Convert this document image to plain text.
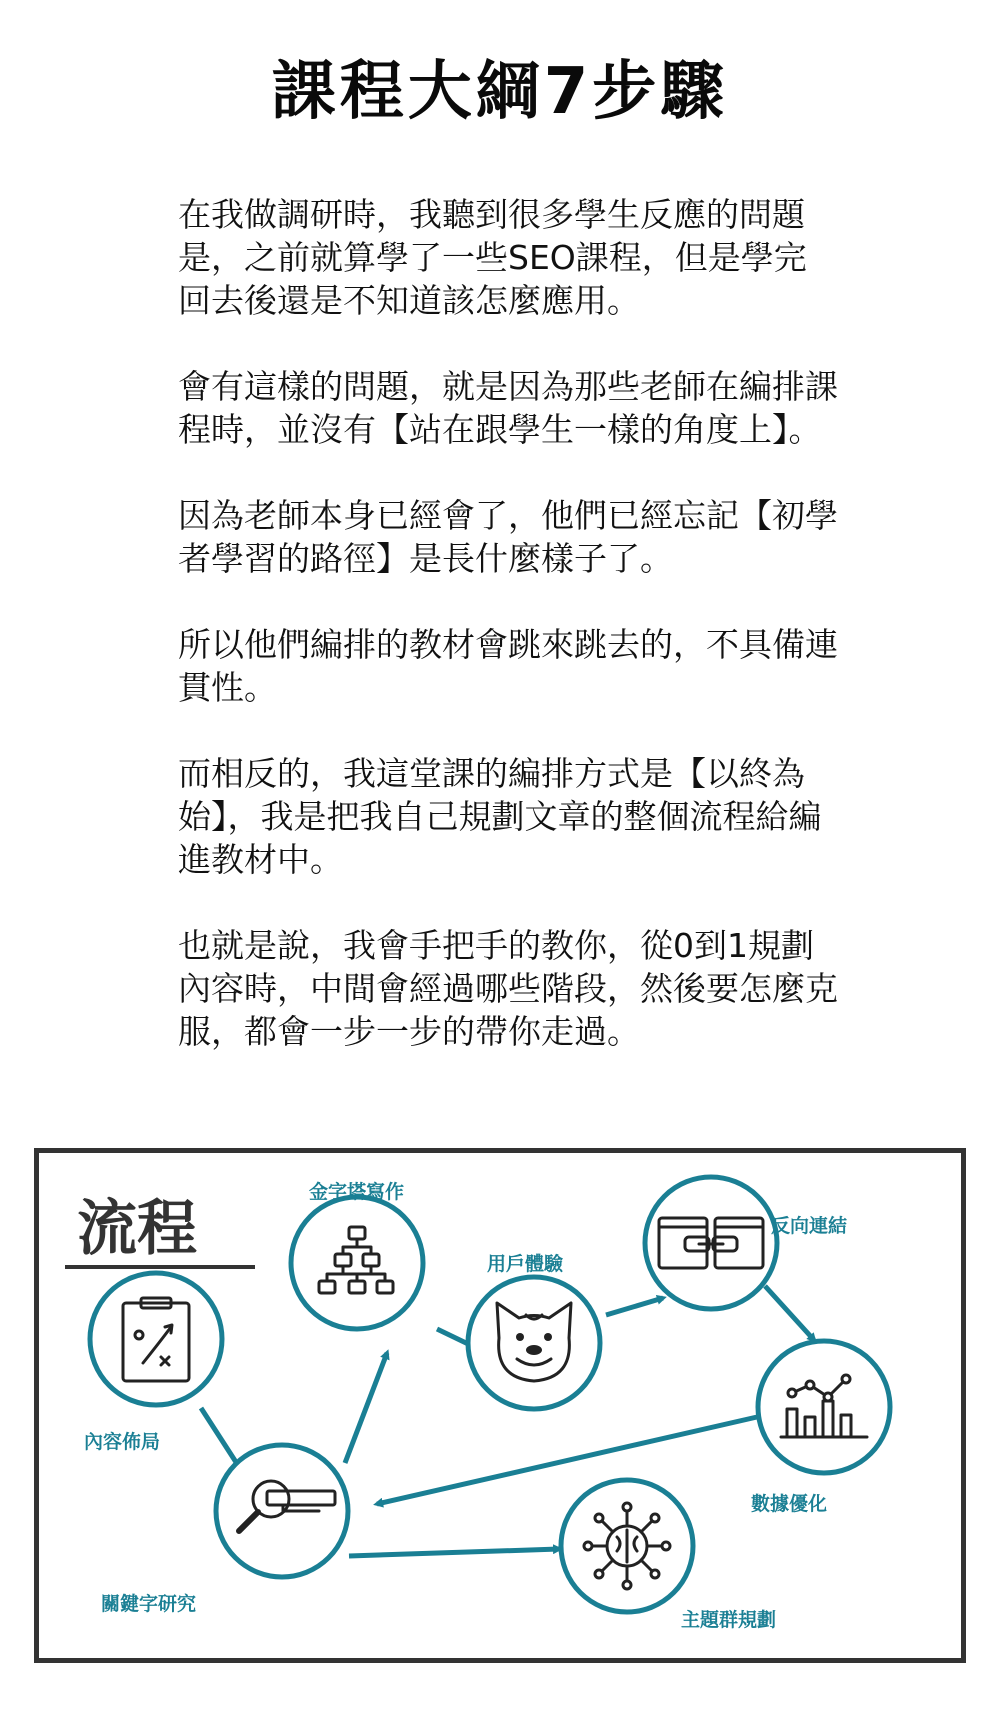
課程大綱7步驟

在我做調研時，我聽到很多學生反應的問題是，之前就算學了一些SEO課程，但是學完回去後還是不知道該怎麼應用。

會有這樣的問題，就是因為那些老師在編排課程時，並沒有【站在跟學生一樣的角度上】。

因為老師本身已經會了，他們已經忘記【初學者學習的路徑】是長什麼樣子了。

所以他們編排的教材會跳來跳去的，不具備連貫性。

而相反的，我這堂課的編排方式是【以終為始】，我是把我自己規劃文章的整個流程給編進教材中。

也就是說，我會手把手的教你，從0到1規劃內容時，中間會經過哪些階段，然後要怎麼克服，都會一步一步的帶你走過。

流程
內容佈局
關鍵字研究
金字塔寫作
用戶體驗
反向連結
數據優化
主題群規劃
